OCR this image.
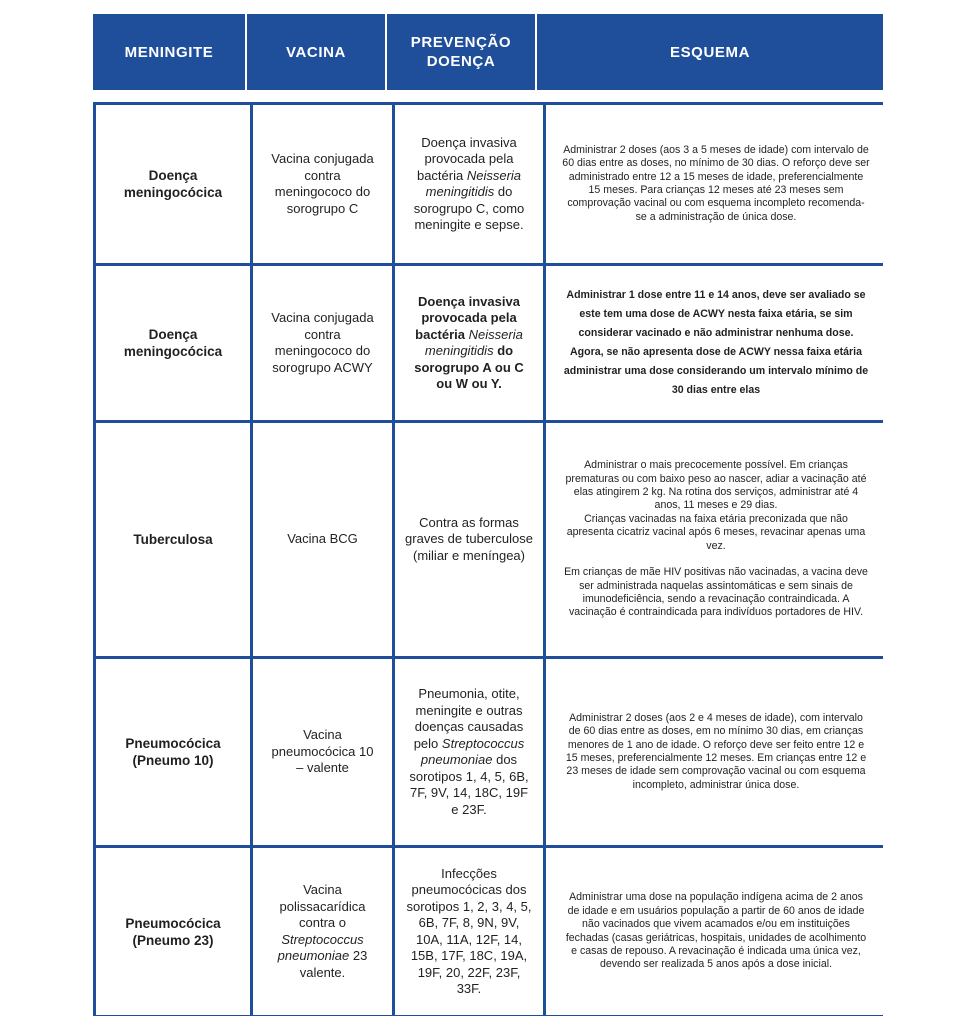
MENINGITE	VACINA
PREVENÇÃO
DOENÇA
ESQUEMA
Doença meningocócica
Vacina conjugada contra meningococo do sorogrupo C
Doença invasiva provocada pela bactéria Neisseria meningitidis do sorogrupo C, como meningite e sepse.
Administrar 2 doses (aos 3 a 5 meses de idade) com intervalo de 60 dias entre as doses, no mínimo de 30 dias. O reforço deve ser administrado entre 12 a 15 meses de idade, preferencialmente 15 meses. Para crianças 12 meses até 23 meses sem comprovação vacinal ou com esquema incompleto recomenda-se a administração de única dose.
Doença meningocócica
Vacina conjugada contra meningococo do sorogrupo ACWY
Doença invasiva provocada pela bactéria Neisseria meningitidis do sorogrupo A ou C ou W ou Y.
Administrar 1 dose entre 11 e 14 anos, deve ser avaliado se este tem uma dose de ACWY nesta faixa etária, se sim considerar vacinado e não administrar nenhuma dose. Agora, se não apresenta dose de ACWY nessa faixa etária administrar uma dose considerando um intervalo mínimo de 30 dias entre elas
Tuberculosa	Vacina BCG
Contra as formas graves de tuberculose (miliar e meníngea)
Administrar o mais precocemente possível. Em crianças prematuras ou com baixo peso ao nascer, adiar a vacinação até elas atingirem 2 kg. Na rotina dos serviços, administrar até 4 anos, 11 meses e 29 dias.
Crianças vacinadas na faixa etária preconizada que não apresenta cicatriz vacinal após 6 meses, revacinar apenas uma vez.
Em crianças de mãe HIV positivas não vacinadas, a vacina deve ser administrada naquelas assintomáticas e sem sinais de imunodeficiência, sendo a revacinação contraindicada. A vacinação é contraindicada para indivíduos portadores de HIV.
Pneumocócica (Pneumo 10)
Vacina pneumocócica 10 – valente
Pneumonia, otite, meningite e outras doenças causadas pelo Streptococcus pneumoniae dos sorotipos 1, 4, 5, 6B, 7F, 9V, 14, 18C, 19F e 23F.
Administrar 2 doses (aos 2 e 4 meses de idade), com intervalo de 60 dias entre as doses, em no mínimo 30 dias, em crianças menores de 1 ano de idade. O reforço deve ser feito entre 12 e 15 meses, preferencialmente 12 meses. Em crianças entre 12 e 23 meses de idade sem comprovação vacinal ou com esquema incompleto, administrar única dose.
Pneumocócica (Pneumo 23)
Vacina polissacarídica contra o Streptococcus pneumoniae 23 valente.
Infecções pneumocócicas dos sorotipos 1, 2, 3, 4, 5, 6B, 7F, 8, 9N, 9V, 10A, 11A, 12F, 14, 15B, 17F, 18C, 19A, 19F, 20, 22F, 23F, 33F.
Administrar uma dose na população indígena acima de 2 anos de idade e em usuários população a partir de 60 anos de idade não vacinados que vivem acamados e/ou em instituições fechadas (casas geriátricas, hospitais, unidades de acolhimento e casas de repouso. A revacinação é indicada uma única vez, devendo ser realizada 5 anos após a dose inicial.
